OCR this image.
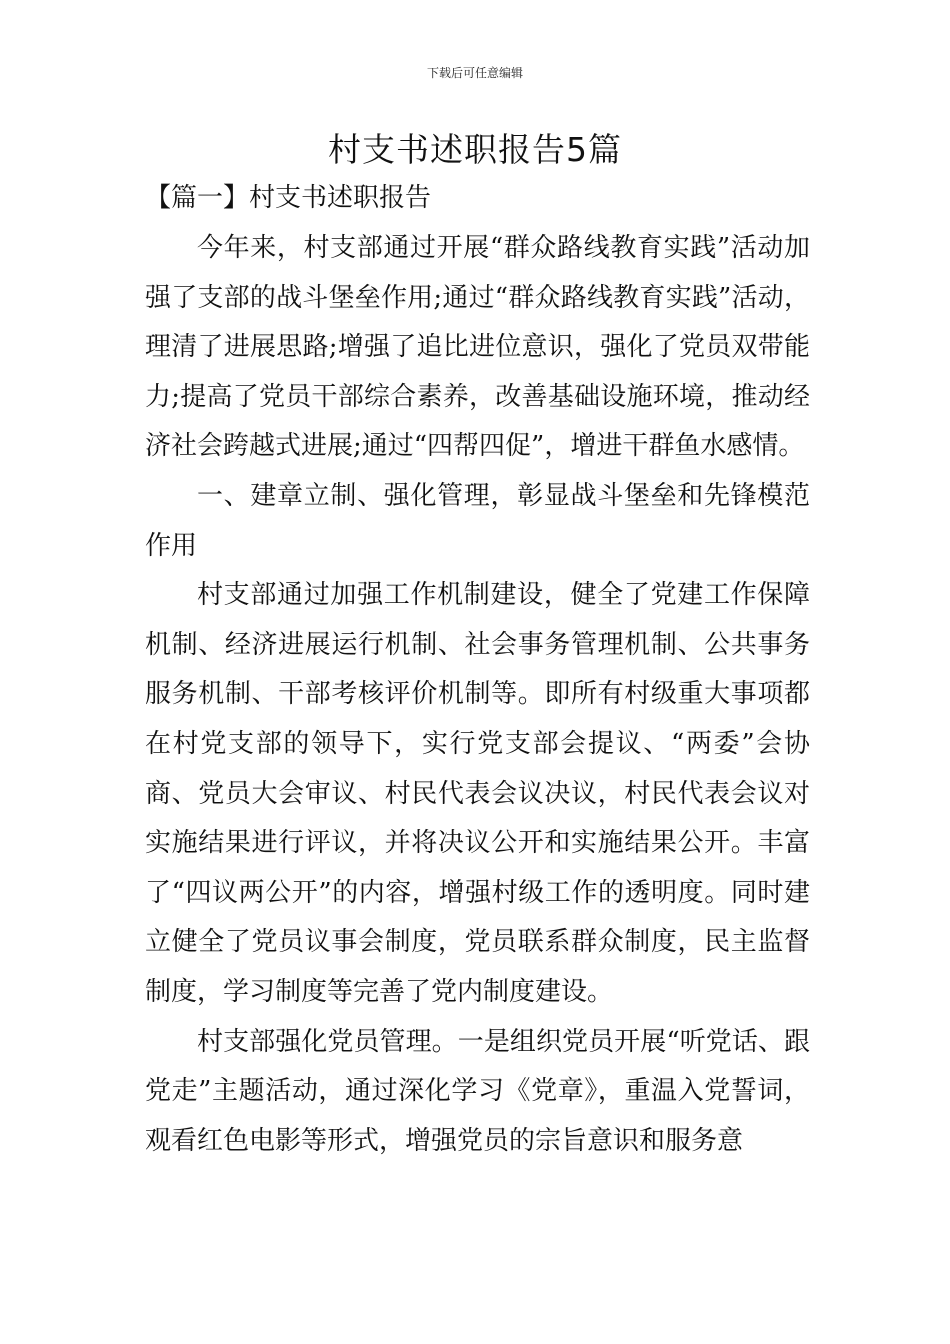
下载后可任意编辑
村支书述职报告5篇
【篇一】村支书述职报告

今年来，村支部通过开展“群众路线教育实践”活动加强了支部的战斗堡垒作用;通过“群众路线教育实践”活动，理清了进展思路;增强了追比进位意识，强化了党员双带能力;提高了党员干部综合素养，改善基础设施环境，推动经济社会跨越式进展;通过“四帮四促”，增进干群鱼水感情。

一、建章立制、强化管理，彰显战斗堡垒和先锋模范作用

村支部通过加强工作机制建设，健全了党建工作保障机制、经济进展运行机制、社会事务管理机制、公共事务服务机制、干部考核评价机制等。即所有村级重大事项都在村党支部的领导下，实行党支部会提议、“两委”会协商、党员大会审议、村民代表会议决议，村民代表会议对实施结果进行评议，并将决议公开和实施结果公开。丰富了“四议两公开”的内容，增强村级工作的透明度。同时建立健全了党员议事会制度，党员联系群众制度，民主监督制度，学习制度等完善了党内制度建设。

村支部强化党员管理。一是组织党员开展“听党话、跟党走”主题活动，通过深化学习《党章》，重温入党誓词，观看红色电影等形式，增强党员的宗旨意识和服务意
